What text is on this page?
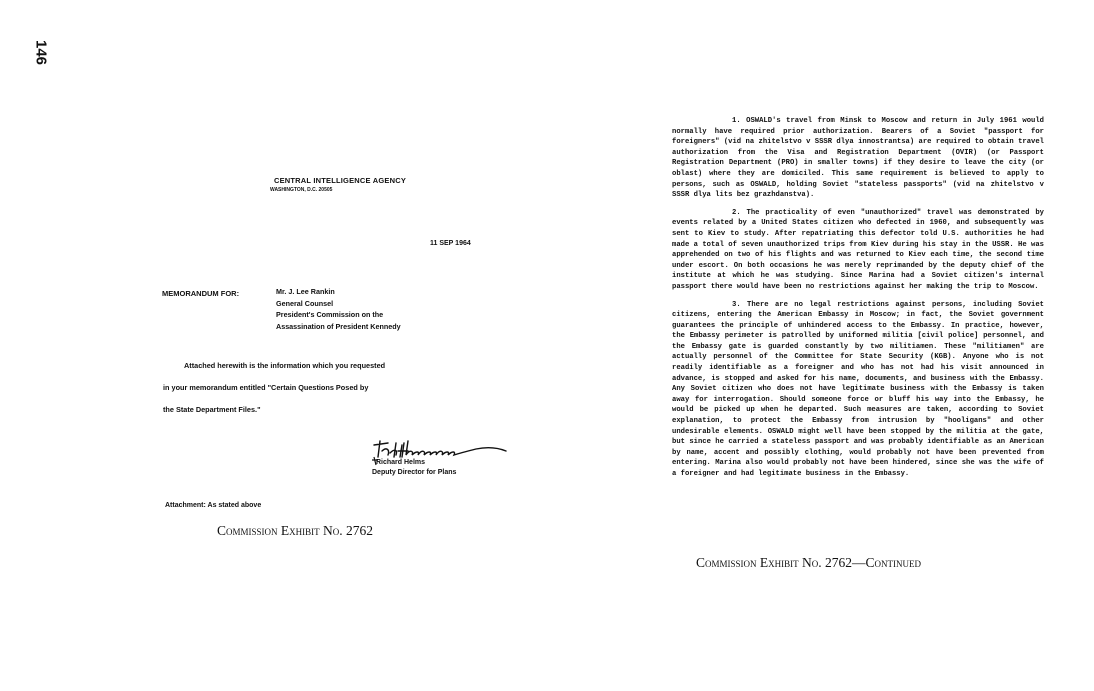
146
CENTRAL INTELLIGENCE AGENCY
WASHINGTON, D.C. 20505
11 SEP 1964
MEMORANDUM FOR:	Mr. J. Lee Rankin
General Counsel
President's Commission on the
Assassination of President Kennedy
Attached herewith is the information which you requested
in your memorandum entitled "Certain Questions Posed by
the State Department Files."
Richard Helms
Deputy Director for Plans
Attachment: As stated above
Commission Exhibit No. 2762

1. OSWALD's travel from Minsk to Moscow and return in July 1961 would normally have required prior authorization. Bearers of a Soviet "passport for foreigners" (vid na zhitelstvo v SSSR dlya innostrantsa) are required to obtain travel authorization from the Visa and Registration Department (OVIR) (or Passport Registration Department (PRO) in smaller towns) if they desire to leave the city (or oblast) where they are domiciled. This same requirement is believed to apply to persons, such as OSWALD, holding Soviet "stateless passports" (vid na zhitelstvo v SSSR dlya lits bez grazhdanstva).

2. The practicality of even "unauthorized" travel was demonstrated by events related by a United States citizen who defected in 1960, and subsequently was sent to Kiev to study. After repatriating this defector told U.S. authorities he had made a total of seven unauthorized trips from Kiev during his stay in the USSR. He was apprehended on two of his flights and was returned to Kiev each time, the second time under escort. On both occasions he was merely reprimanded by the deputy chief of the institute at which he was studying. Since Marina had a Soviet citizen's internal passport there would have been no restrictions against her making the trip to Moscow.

3. There are no legal restrictions against persons, including Soviet citizens, entering the American Embassy in Moscow; in fact, the Soviet government guarantees the principle of unhindered access to the Embassy. In practice, however, the Embassy perimeter is patrolled by uniformed militia [civil police] personnel, and the Embassy gate is guarded constantly by two militiamen. These "militiamen" are actually personnel of the Committee for State Security (KGB). Anyone who is not readily identifiable as a foreigner and who has not had his visit announced in advance, is stopped and asked for his name, documents, and business with the Embassy. Any Soviet citizen who does not have legitimate business with the Embassy is taken away for interrogation. Should someone force or bluff his way into the Embassy, he would be picked up when he departed. Such measures are taken, according to Soviet explanation, to protect the Embassy from intrusion by "hooligans" and other undesirable elements. OSWALD might well have been stopped by the militia at the gate, but since he carried a stateless passport and was probably identifiable as an American by name, accent and possibly clothing, would probably not have been prevented from entering. Marina also would probably not have been hindered, since she was the wife of a foreigner and had legitimate business in the Embassy.

Commission Exhibit No. 2762—Continued
